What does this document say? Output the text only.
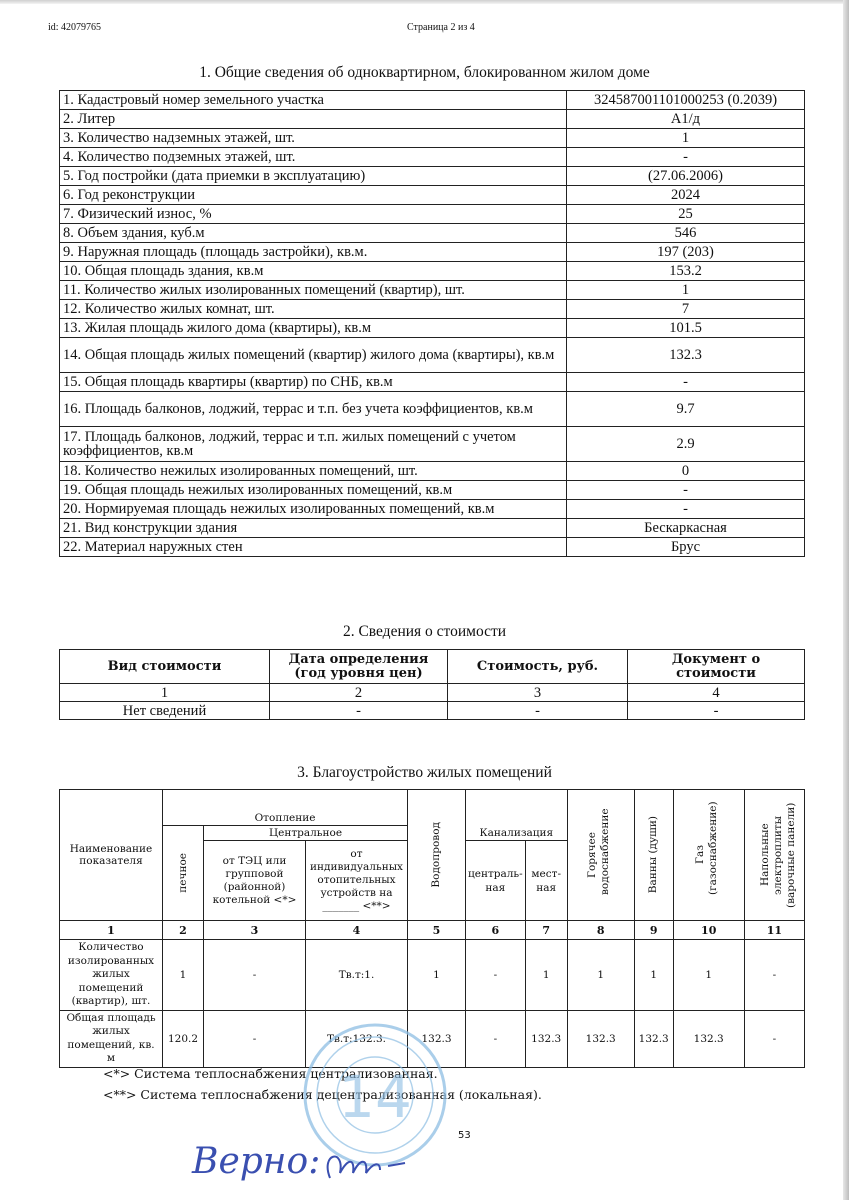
id: 42079765	Страница 2 из 4
1. Общие сведения об одноквартирном, блокированном жилом доме
1. Кадастровый номер земельного участка	324587001101000253 (0.2039)
2. Литер	А1/д
3. Количество надземных этажей, шт.	1
4. Количество подземных этажей, шт.	-
5. Год постройки (дата приемки в эксплуатацию)	(27.06.2006)
6. Год реконструкции	2024
7. Физический износ, %	25
8. Объем здания, куб.м	546
9. Наружная площадь (площадь застройки), кв.м.	197 (203)
10. Общая площадь здания, кв.м	153.2
11. Количество жилых изолированных помещений (квартир), шт.	1
12. Количество жилых комнат, шт.	7
13. Жилая площадь жилого дома (квартиры), кв.м	101.5
14. Общая площадь жилых помещений (квартир) жилого дома (квартиры), кв.м	132.3
15. Общая площадь квартиры (квартир) по СНБ, кв.м	-
16. Площадь балконов, лоджий, террас и т.п. без учета коэффициентов, кв.м	9.7
17. Площадь балконов, лоджий, террас и т.п. жилых помещений с учетом коэффициентов, кв.м	2.9
18. Количество нежилых изолированных помещений, шт.	0
19. Общая площадь нежилых изолированных помещений, кв.м	-
20. Нормируемая площадь нежилых изолированных помещений, кв.м	-
21. Вид конструкции здания	Бескаркасная
22. Материал наружных стен	Брус
2. Сведения о стоимости
Вид стоимости	Дата определения (год уровня цен)	Стоимость, руб.	Документ о стоимости
1	2	3	4
Нет сведений	-	-	-
3. Благоустройство жилых помещений
Наименование показателя	Отопление			Водопровод	Канализация		Горячее водоснабжение	Ванны (души)	Газ (газоснабжение)	Напольные электроплиты (варочные панели)

	печное	Центральное								
		от ТЭЦ или групповой (районной) котельной <*>	от индивидуальных отопительных устройств на _______ <**>		централь-ная	мест-ная				
1	2	3	4	5	6	7	8	9	10	11
Количество изолированных жилых помещений (квартир), шт.	1	-	Тв.т:1.	1	-	1	1	1	1	-
Общая площадь жилых помещений, кв. м	120.2	-	Тв.т:132.3.	132.3	-	132.3	132.3	132.3	132.3	-
<*> Система теплоснабжения централизованная.
<**> Система теплоснабжения децентрализованная (локальная).
14
Верно:
53
